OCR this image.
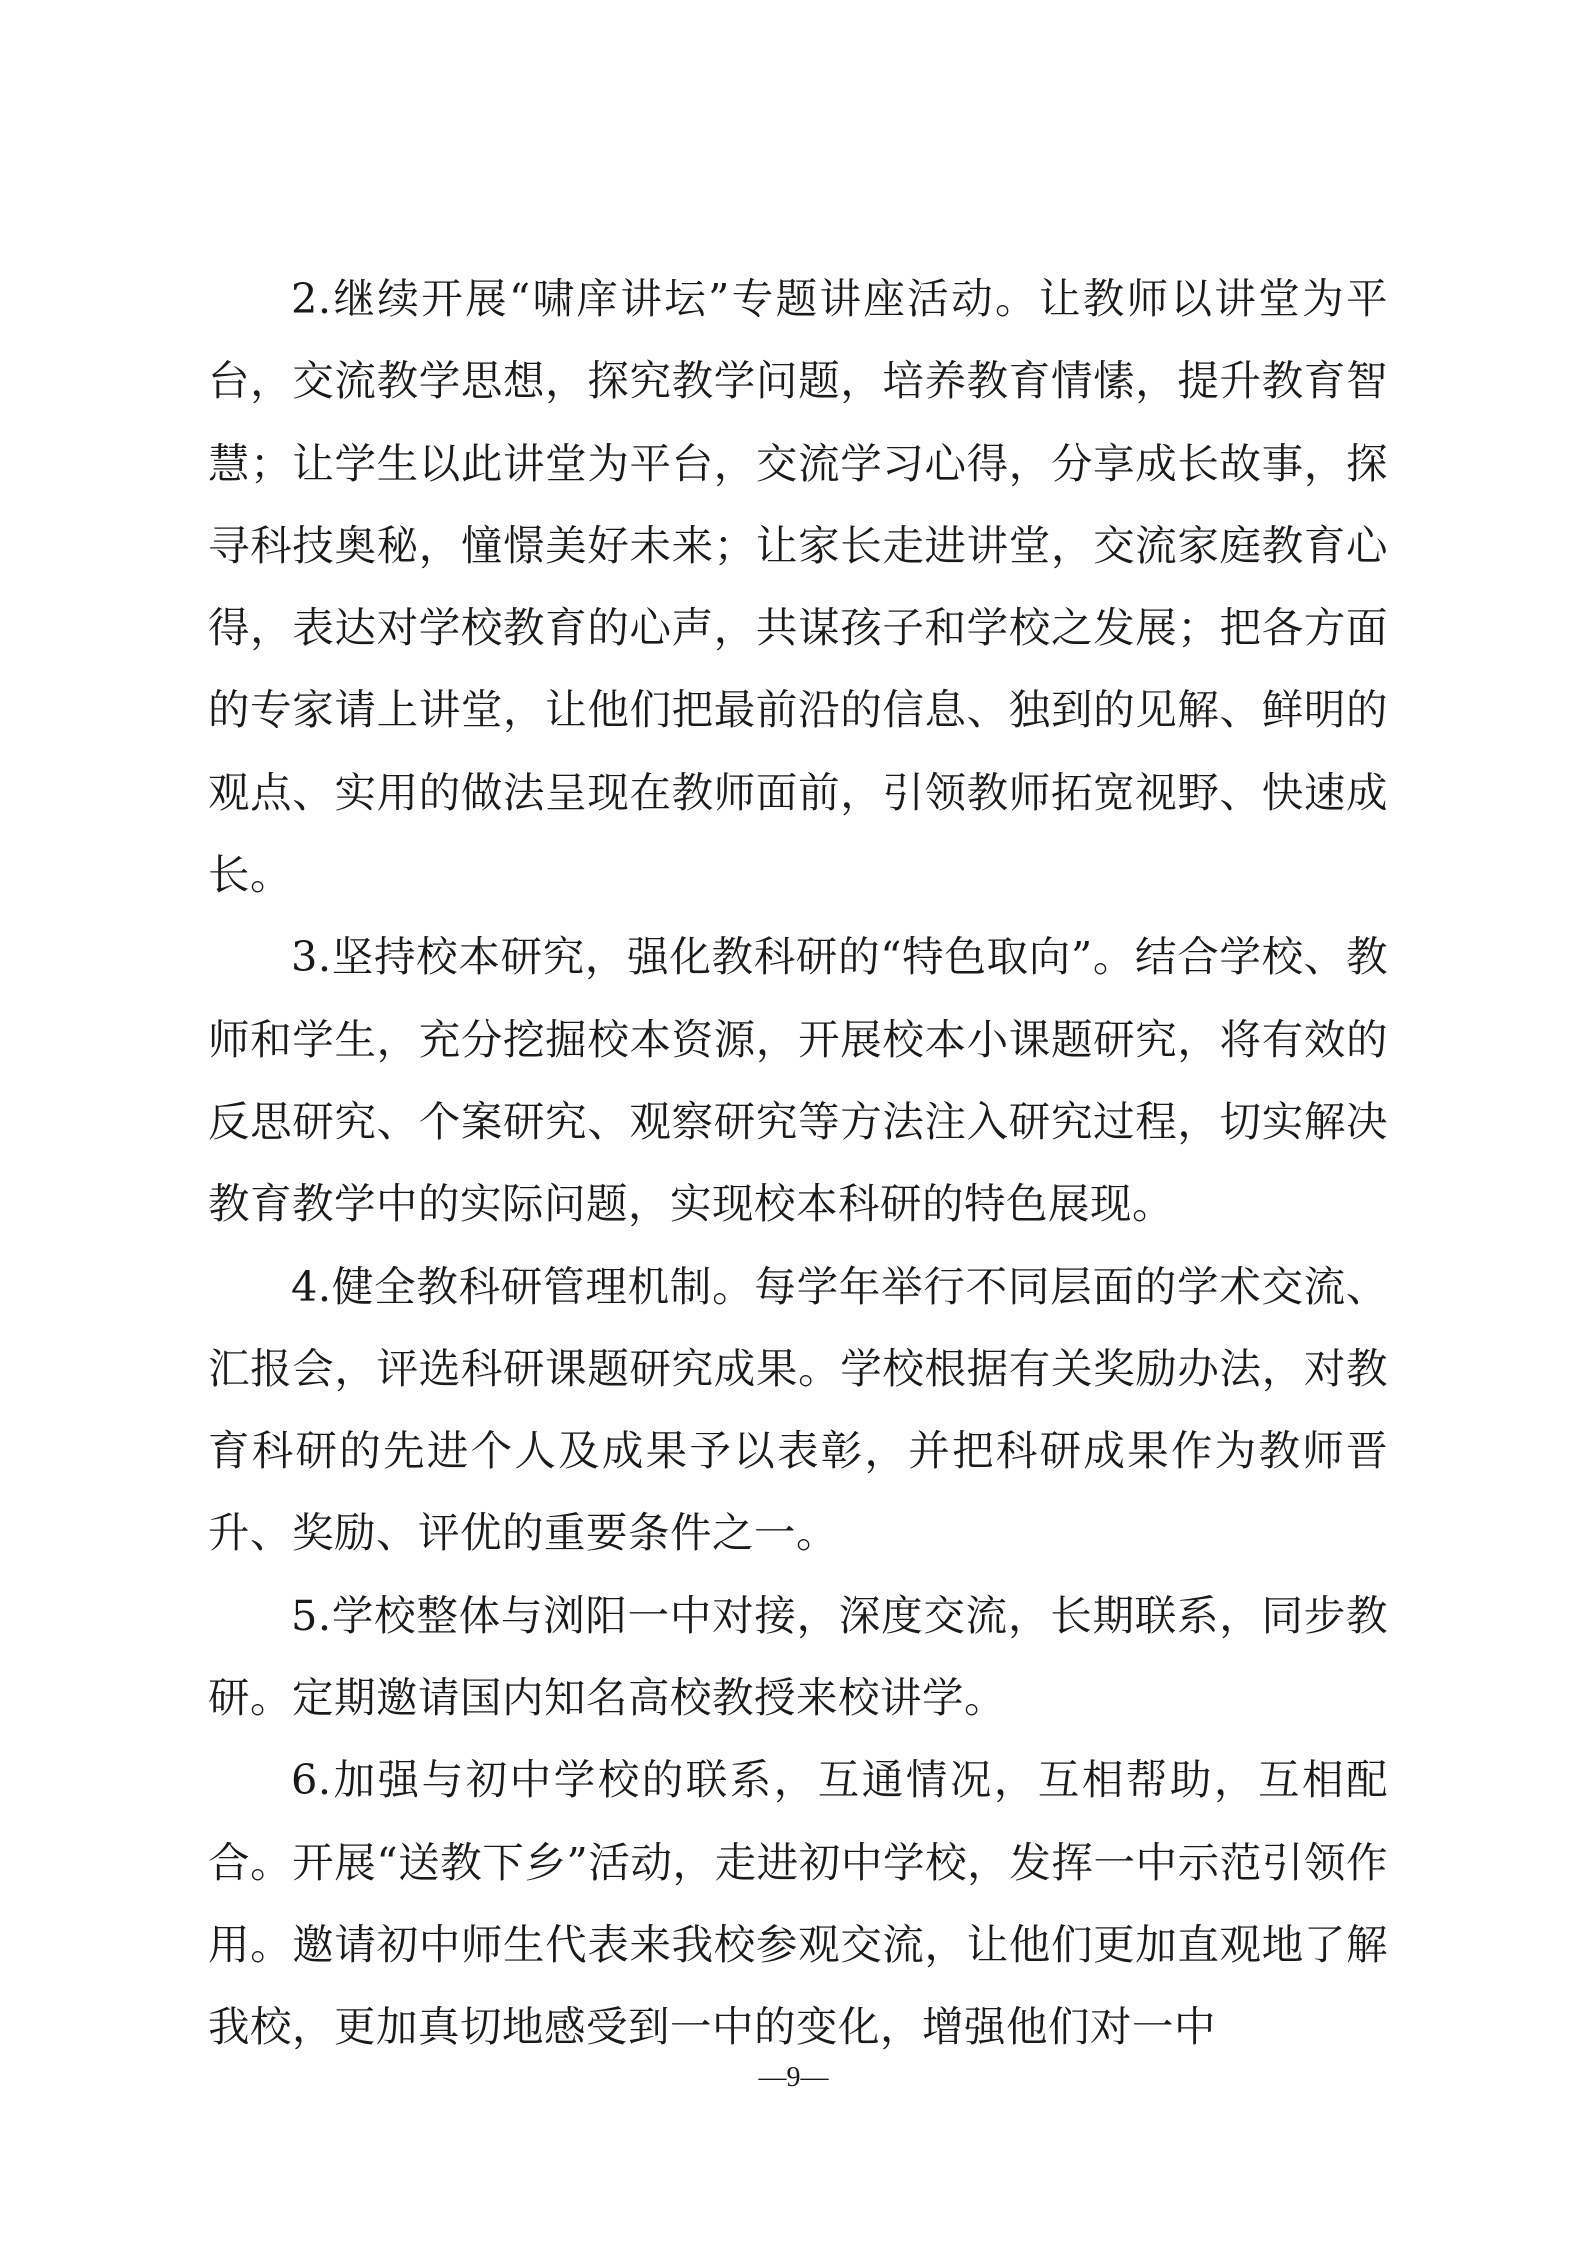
2.继续开展“啸庠讲坛”专题讲座活动。让教师以讲堂为平台，交流教学思想，探究教学问题，培养教育情愫，提升教育智慧；让学生以此讲堂为平台，交流学习心得，分享成长故事，探寻科技奥秘，憧憬美好未来；让家长走进讲堂，交流家庭教育心得，表达对学校教育的心声，共谋孩子和学校之发展；把各方面的专家请上讲堂，让他们把最前沿的信息、独到的见解、鲜明的观点、实用的做法呈现在教师面前，引领教师拓宽视野、快速成长。

3.坚持校本研究，强化教科研的“特色取向”。结合学校、教师和学生，充分挖掘校本资源，开展校本小课题研究，将有效的反思研究、个案研究、观察研究等方法注入研究过程，切实解决教育教学中的实际问题，实现校本科研的特色展现。

4.健全教科研管理机制。每学年举行不同层面的学术交流、汇报会，评选科研课题研究成果。学校根据有关奖励办法，对教育科研的先进个人及成果予以表彰，并把科研成果作为教师晋升、奖励、评优的重要条件之一。

5.学校整体与浏阳一中对接，深度交流，长期联系，同步教研。定期邀请国内知名高校教授来校讲学。

6.加强与初中学校的联系，互通情况，互相帮助，互相配合。开展“送教下乡”活动，走进初中学校，发挥一中示范引领作用。邀请初中师生代表来我校参观交流，让他们更加直观地了解我校，更加真切地感受到一中的变化，增强他们对一中

—9—
